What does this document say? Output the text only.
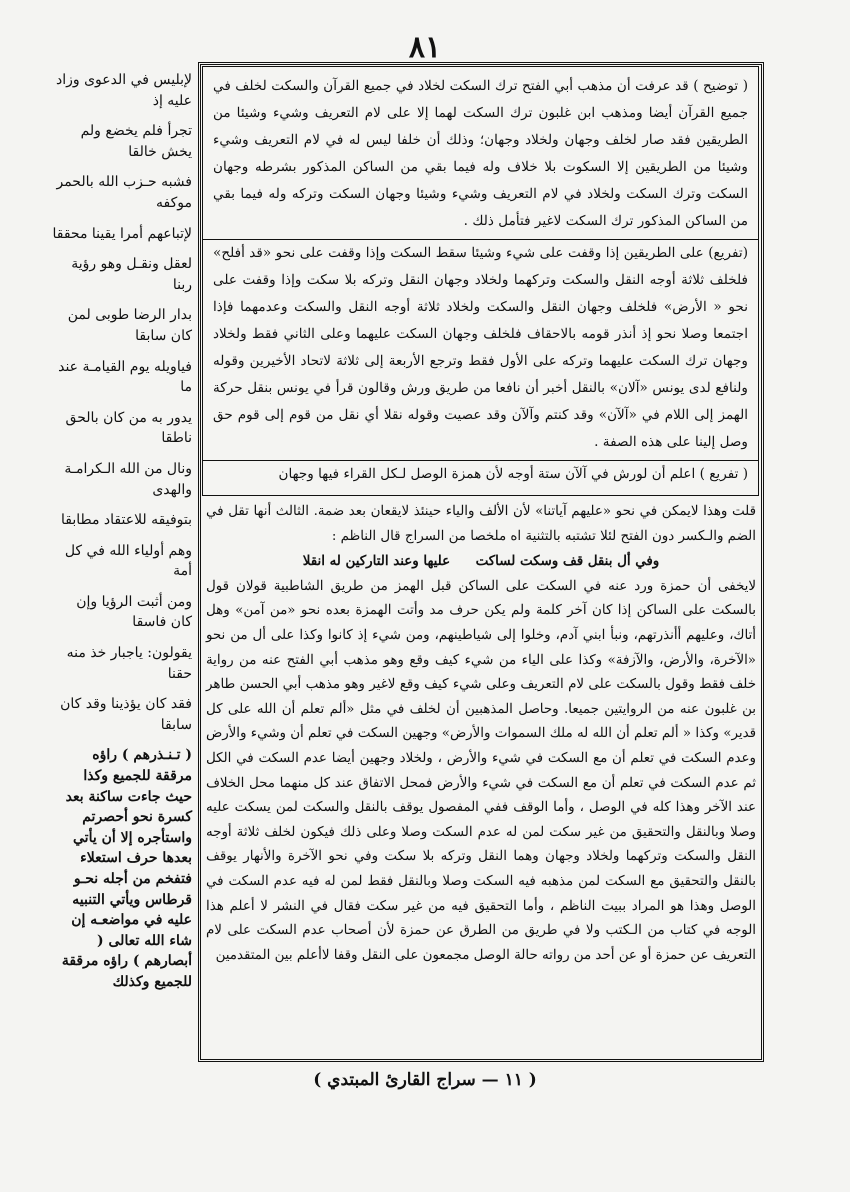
٨١

لإبليس في الدعوى وزاد عليه إذ

تجرأ فلم يخضع ولم يخش خالقا

فشبه حـزب الله بالحمر موكفه

لإتباعهم أمرا يقينا محققا

لعقل ونقـل وهو رؤية ربنا

بدار الرضا طوبى لمن كان سابقا

فياويله يوم القيامـة عند ما

يدور به من كان بالحق ناطقا

ونال من الله الـكرامـة والهدى

بتوفيقه للاعتقاد مطابقا

وهم أولياء الله في كل أمة

ومن أثبت الرؤيا وإن كان فاسقا

يقولون: ياجبار خذ منه حقنا

فقد كان يؤذينا وقد كان سابقا

( تـنـذرهم ) راؤه مرققة للجميع وكذا حيث جاءت ساكنة بعد كسرة نحو أحصرتم واستأجره إلا أن يأتي بعدها حرف استعلاء فتفخم من أجله نحـو قرطاس ويأتي التنبيه عليه في مواضعـه إن شاء الله تعالى ( أبصارهم ) راؤه مرققة للجميع وكذلك

( توضيح ) قد عرفت أن مذهب أبي الفتح ترك السكت لخلاد في جميع القرآن والسكت لخلف في جميع القرآن أيضا ومذهب ابن غلبون ترك السكت لهما إلا على لام التعريف وشيء وشيئا من الطريقين فقد صار لخلف وجهان ولخلاد وجهان؛ وذلك أن خلفا ليس له في لام التعريف وشيء وشيئا من الطريقين إلا السكوت بلا خلاف وله فيما بقي من الساكن المذكور بشرطه وجهان السكت وترك السكت ولخلاد في لام التعريف وشيء وشيئا وجهان السكت وتركه وله فيما بقي من الساكن المذكور ترك السكت لاغير فتأمل ذلك .

(تفريع) على الطريقين إذا وقفت على شيء وشيئا سقط السكت وإذا وقفت على نحو «قد أفلح» فلخلف ثلاثة أوجه النقل والسكت وتركهما ولخلاد وجهان النقل وتركه بلا سكت وإذا وقفت على نحو « الأرض» فلخلف وجهان النقل والسكت ولخلاد ثلاثة أوجه النقل والسكت وعدمهما فإذا اجتمعا وصلا نحو إذ أنذر قومه بالاحقاف فلخلف وجهان السكت عليهما وعلى الثاني فقط ولخلاد وجهان ترك السكت عليهما وتركه على الأول فقط وترجع الأربعة إلى ثلاثة لاتحاد الأخيرين وقوله ولنافع لدى يونس «آلان» بالنقل أخبر أن نافعا من طريق ورش وقالون قرأ في يونس بنقل حركة الهمز إلى اللام في «آلآن» وقد كنتم وآلآن وقد عصيت وقوله نقلا أي نقل من قوم إلى قوم حق وصل إلينا على هذه الصفة .

( تفريع ) اعلم أن لورش في آلآن ستة أوجه لأن همزة الوصل لـكل القراء فيها وجهان

قلت وهذا لايمكن في نحو «عليهم آياتنا» لأن الألف والياء حينئذ لايقعان بعد ضمة. الثالث أنها تقل في الضم والـكسر دون الفتح لئلا تشتبه بالتثنية اه ملخصا من السراج قال الناظم :

وفي أل بنقل قف وسكت لساكت      عليها وعند التاركين له انقلا

لايخفى أن حمزة ورد عنه في السكت على الساكن قبل الهمز من طريق الشاطبية قولان قول بالسكت على الساكن إذا كان آخر كلمة ولم يكن حرف مد وأتت الهمزة بعده نحو «من آمن» وهل أتاك، وعليهم أأنذرتهم، ونبأ ابني آدم، وخلوا إلى شياطينهم، ومن شيء إذ كانوا وكذا على أل من نحو «الآخرة، والأرض، والآزفة» وكذا على الياء من شيء كيف وقع وهو مذهب أبي الفتح عنه من رواية خلف فقط وقول بالسكت على لام التعريف وعلى شيء كيف وقع لاغير وهو مذهب أبي الحسن طاهر بن غلبون عنه من الروايتين جميعا. وحاصل المذهبين أن لخلف في مثل «ألم تعلم أن الله على كل قدير» وكذا « ألم تعلم أن الله له ملك السموات والأرض» وجهين السكت في تعلم أن وشيء والأرض وعدم السكت في تعلم أن مع السكت في شيء والأرض ، ولخلاد وجهين أيضا عدم السكت في الكل ثم عدم السكت في تعلم أن مع السكت في شيء والأرض فمحل الاتفاق عند كل منهما محل الخلاف عند الآخر وهذا كله في الوصل ، وأما الوقف ففي المفصول يوقف بالنقل والسكت لمن يسكت عليه وصلا وبالنقل والتحقيق من غير سكت لمن له عدم السكت وصلا وعلى ذلك فيكون لخلف ثلاثة أوجه النقل والسكت وتركهما ولخلاد وجهان وهما النقل وتركه بلا سكت وفي نحو الآخرة والأنهار يوقف بالنقل والتحقيق مع السكت لمن مذهبه فيه السكت وصلا وبالنقل فقط لمن له فيه عدم السكت في الوصل وهذا هو المراد ببيت الناظم ، وأما التحقيق فيه من غير سكت فقال في النشر لا أعلم هذا الوجه في كتاب من الـكتب ولا في طريق من الطرق عن حمزة لأن أصحاب عدم السكت على لام التعريف عن حمزة أو عن أحد من رواته حالة الوصل مجمعون على النقل وقفا لاأعلم بين المتقدمين

( ١١ — سراج القارئ المبتدي )
